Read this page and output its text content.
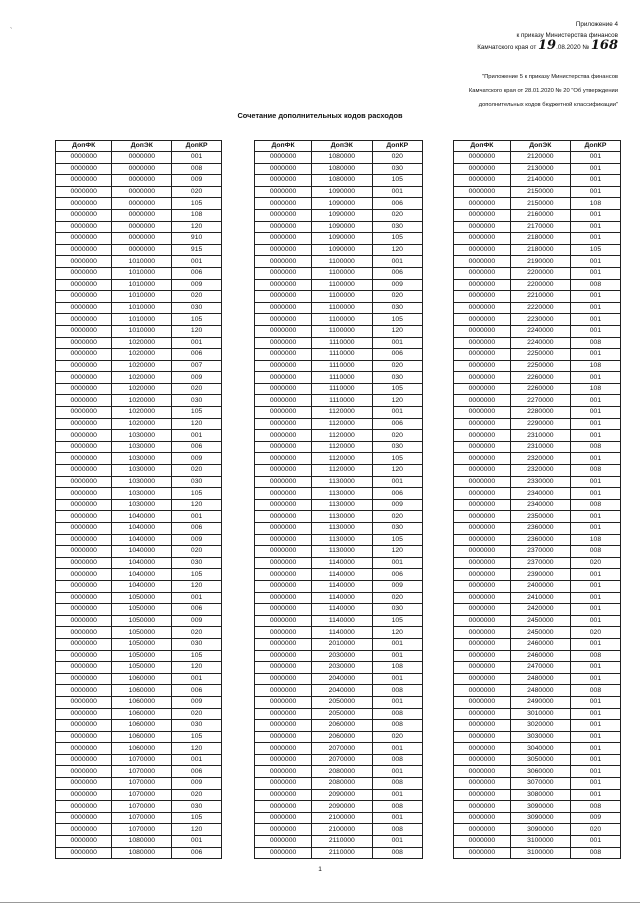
`
Приложение 4
к приказу Министерства финансов
Камчатского края от 19.08.2020 № 168
"Приложение 5 к приказу Министерства финансов
Камчатского края от 28.01.2020 № 20 "Об утверждении
дополнительных кодов бюджетной классификации"
Сочетание дополнительных кодов расходов
ДопФК	ДопЭК	ДопКР
0000000	0000000	001
0000000	0000000	008
0000000	0000000	009
0000000	0000000	020
0000000	0000000	105
0000000	0000000	108
0000000	0000000	120
0000000	0000000	910
0000000	0000000	915
0000000	1010000	001
0000000	1010000	006
0000000	1010000	009
0000000	1010000	020
0000000	1010000	030
0000000	1010000	105
0000000	1010000	120
0000000	1020000	001
0000000	1020000	006
0000000	1020000	007
0000000	1020000	009
0000000	1020000	020
0000000	1020000	030
0000000	1020000	105
0000000	1020000	120
0000000	1030000	001
0000000	1030000	006
0000000	1030000	009
0000000	1030000	020
0000000	1030000	030
0000000	1030000	105
0000000	1030000	120
0000000	1040000	001
0000000	1040000	006
0000000	1040000	009
0000000	1040000	020
0000000	1040000	030
0000000	1040000	105
0000000	1040000	120
0000000	1050000	001
0000000	1050000	006
0000000	1050000	009
0000000	1050000	020
0000000	1050000	030
0000000	1050000	105
0000000	1050000	120
0000000	1060000	001
0000000	1060000	006
0000000	1060000	009
0000000	1060000	020
0000000	1060000	030
0000000	1060000	105
0000000	1060000	120
0000000	1070000	001
0000000	1070000	006
0000000	1070000	009
0000000	1070000	020
0000000	1070000	030
0000000	1070000	105
0000000	1070000	120
0000000	1080000	001
0000000	1080000	006
ДопФК	ДопЭК	ДопКР
0000000	1080000	020
0000000	1080000	030
0000000	1080000	105
0000000	1090000	001
0000000	1090000	006
0000000	1090000	020
0000000	1090000	030
0000000	1090000	105
0000000	1090000	120
0000000	1100000	001
0000000	1100000	006
0000000	1100000	009
0000000	1100000	020
0000000	1100000	030
0000000	1100000	105
0000000	1100000	120
0000000	1110000	001
0000000	1110000	006
0000000	1110000	020
0000000	1110000	030
0000000	1110000	105
0000000	1110000	120
0000000	1120000	001
0000000	1120000	006
0000000	1120000	020
0000000	1120000	030
0000000	1120000	105
0000000	1120000	120
0000000	1130000	001
0000000	1130000	006
0000000	1130000	009
0000000	1130000	020
0000000	1130000	030
0000000	1130000	105
0000000	1130000	120
0000000	1140000	001
0000000	1140000	006
0000000	1140000	009
0000000	1140000	020
0000000	1140000	030
0000000	1140000	105
0000000	1140000	120
0000000	2010000	001
0000000	2030000	001
0000000	2030000	108
0000000	2040000	001
0000000	2040000	008
0000000	2050000	001
0000000	2050000	008
0000000	2060000	008
0000000	2060000	020
0000000	2070000	001
0000000	2070000	008
0000000	2080000	001
0000000	2080000	008
0000000	2090000	001
0000000	2090000	008
0000000	2100000	001
0000000	2100000	008
0000000	2110000	001
0000000	2110000	008
ДопФК	ДопЭК	ДопКР
0000000	2120000	001
0000000	2130000	001
0000000	2140000	001
0000000	2150000	001
0000000	2150000	108
0000000	2160000	001
0000000	2170000	001
0000000	2180000	001
0000000	2180000	105
0000000	2190000	001
0000000	2200000	001
0000000	2200000	008
0000000	2210000	001
0000000	2220000	001
0000000	2230000	001
0000000	2240000	001
0000000	2240000	008
0000000	2250000	001
0000000	2250000	108
0000000	2260000	001
0000000	2260000	108
0000000	2270000	001
0000000	2280000	001
0000000	2290000	001
0000000	2310000	001
0000000	2310000	008
0000000	2320000	001
0000000	2320000	008
0000000	2330000	001
0000000	2340000	001
0000000	2340000	008
0000000	2350000	001
0000000	2360000	001
0000000	2360000	108
0000000	2370000	008
0000000	2370000	020
0000000	2390000	001
0000000	2400000	001
0000000	2410000	001
0000000	2420000	001
0000000	2450000	001
0000000	2450000	020
0000000	2460000	001
0000000	2460000	008
0000000	2470000	001
0000000	2480000	001
0000000	2480000	008
0000000	2490000	001
0000000	3010000	001
0000000	3020000	001
0000000	3030000	001
0000000	3040000	001
0000000	3050000	001
0000000	3060000	001
0000000	3070000	001
0000000	3080000	001
0000000	3090000	008
0000000	3090000	009
0000000	3090000	020
0000000	3100000	001
0000000	3100000	008
1
